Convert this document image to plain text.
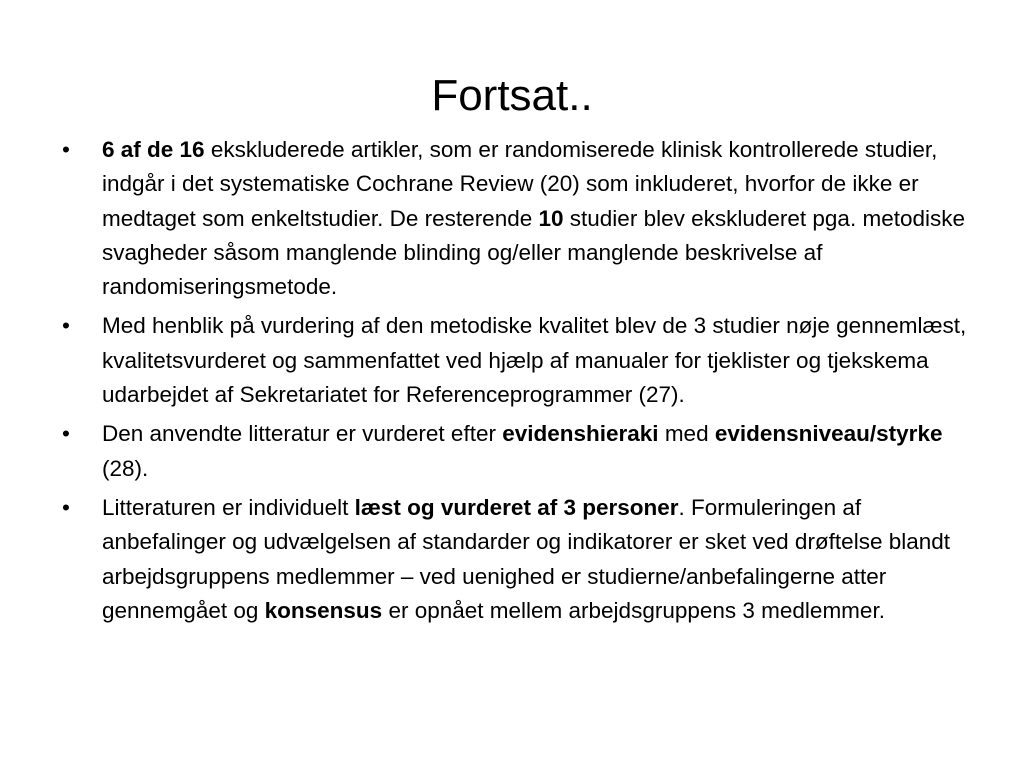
Fortsat..
• 6 af de 16 ekskluderede artikler, som er randomiserede klinisk kontrollerede studier, indgår i det systematiske Cochrane Review (20) som inkluderet, hvorfor de ikke er medtaget som enkeltstudier. De resterende 10 studier blev ekskluderet pga. metodiske svagheder såsom manglende blinding og/eller manglende beskrivelse af randomiseringsmetode.
• Med henblik på vurdering af den metodiske kvalitet blev de 3 studier nøje gennemlæst, kvalitetsvurderet og sammenfattet ved hjælp af manualer for tjeklister og tjekskema udarbejdet af Sekretariatet for Referenceprogrammer (27).
• Den anvendte litteratur er vurderet efter evidenshieraki med evidensniveau/styrke (28).
• Litteraturen er individuelt læst og vurderet af 3 personer. Formuleringen af anbefalinger og udvælgelsen af standarder og indikatorer er sket ved drøftelse blandt arbejdsgruppens medlemmer – ved uenighed er studierne/anbefalingerne atter gennemgået og konsensus er opnået mellem arbejdsgruppens 3 medlemmer.
